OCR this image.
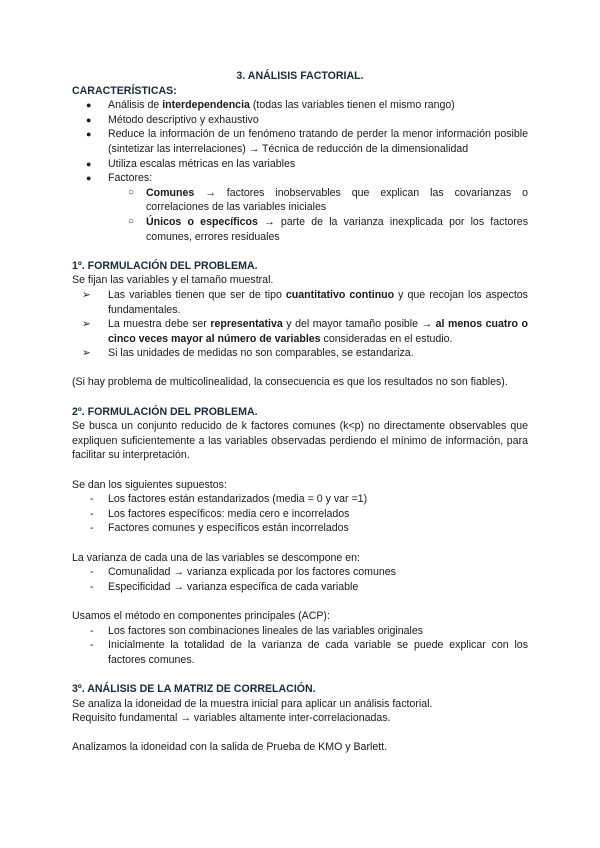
3. ANÁLISIS FACTORIAL.

CARACTERÍSTICAS:

● Análisis de interdependencia (todas las variables tienen el mismo rango)
● Método descriptivo y exhaustivo
● Reduce la información de un fenómeno tratando de perder la menor información posible (sintetizar las interrelaciones) → Técnica de reducción de la dimensionalidad
● Utiliza escalas métricas en las variables
● Factores:
○ Comunes → factores inobservables que explican las covarianzas o correlaciones de las variables iniciales
○ Únicos o específicos → parte de la varianza inexplicada por los factores comunes, errores residuales

1º. FORMULACIÓN DEL PROBLEMA.

Se fijan las variables y el tamaño muestral.

➢ Las variables tienen que ser de tipo cuantitativo continuo y que recojan los aspectos fundamentales.
➢ La muestra debe ser representativa y del mayor tamaño posible → al menos cuatro o cinco veces mayor al número de variables consideradas en el estudio.
➢ Si las unidades de medidas no son comparables, se estandariza.

(Si hay problema de multicolinealidad, la consecuencia es que los resultados no son fiables).

2º. FORMULACIÓN DEL PROBLEMA.

Se busca un conjunto reducido de k factores comunes (k<p) no directamente observables que expliquen suficientemente a las variables observadas perdiendo el mínimo de información, para facilitar su interpretación.

Se dan los siguientes supuestos:

- Los factores están estandarizados (media = 0 y var =1)
- Los factores específicos: media cero e incorrelados
- Factores comunes y específicos están incorrelados

La varianza de cada una de las variables se descompone en:

- Comunalidad → varianza explicada por los factores comunes
- Especificidad → varianza específica de cada variable

Usamos el método en componentes principales (ACP):

- Los factores son combinaciones lineales de las variables originales
- Inicialmente la totalidad de la varianza de cada variable se puede explicar con los factores comunes.

3º. ANÁLISIS DE LA MATRIZ DE CORRELACIÓN.

Se analiza la idoneidad de la muestra inicial para aplicar un análisis factorial.

Requisito fundamental → variables altamente inter-correlacionadas.

Analizamos la idoneidad con la salida de Prueba de KMO y Barlett.
